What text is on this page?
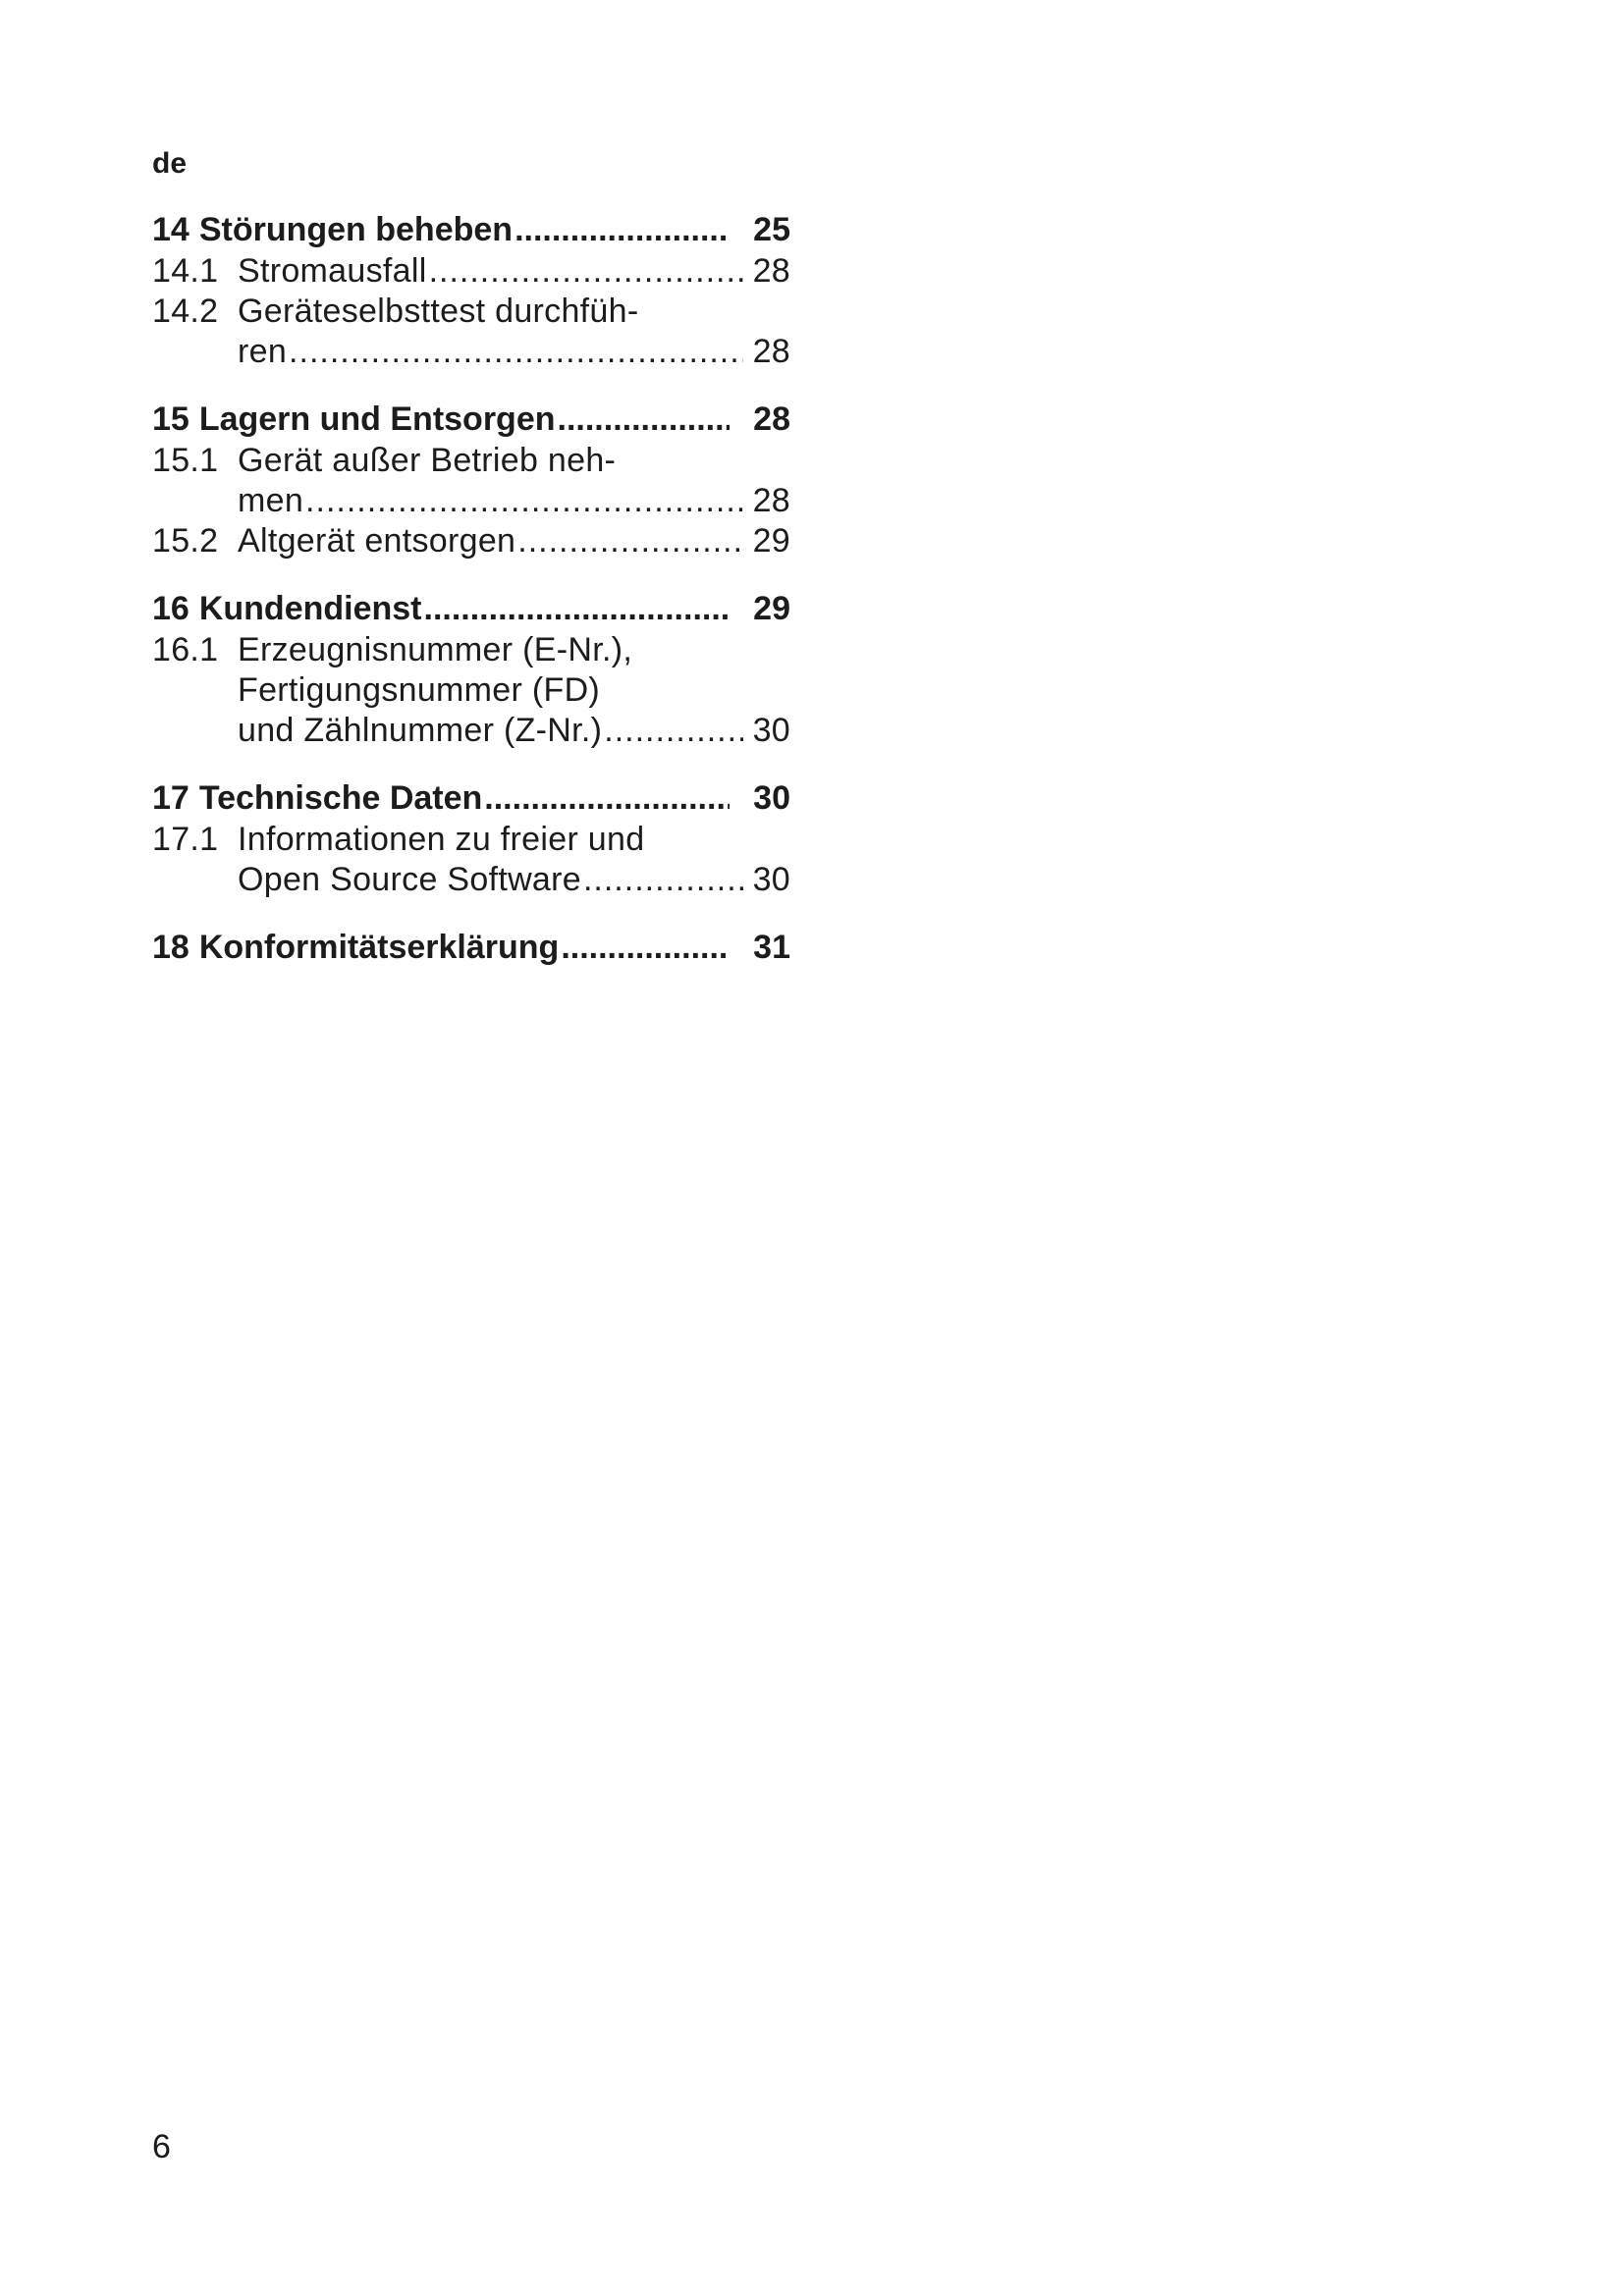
de
14 Störungen beheben .....	25
14.1 Stromausfall .....	28
14.2 Geräteselbsttest durchfüh-
ren .....	28
15 Lagern und Entsorgen .....	28
15.1 Gerät außer Betrieb neh-
men .....	28
15.2 Altgerät entsorgen .....	29
16 Kundendienst .....	29
16.1 Erzeugnisnummer (E-Nr.),
Fertigungsnummer (FD)
und Zählnummer (Z-Nr.) .....	30
17 Technische Daten .....	30
17.1 Informationen zu freier und
Open Source Software .....	30
18 Konformitätserklärung .....	31
6
